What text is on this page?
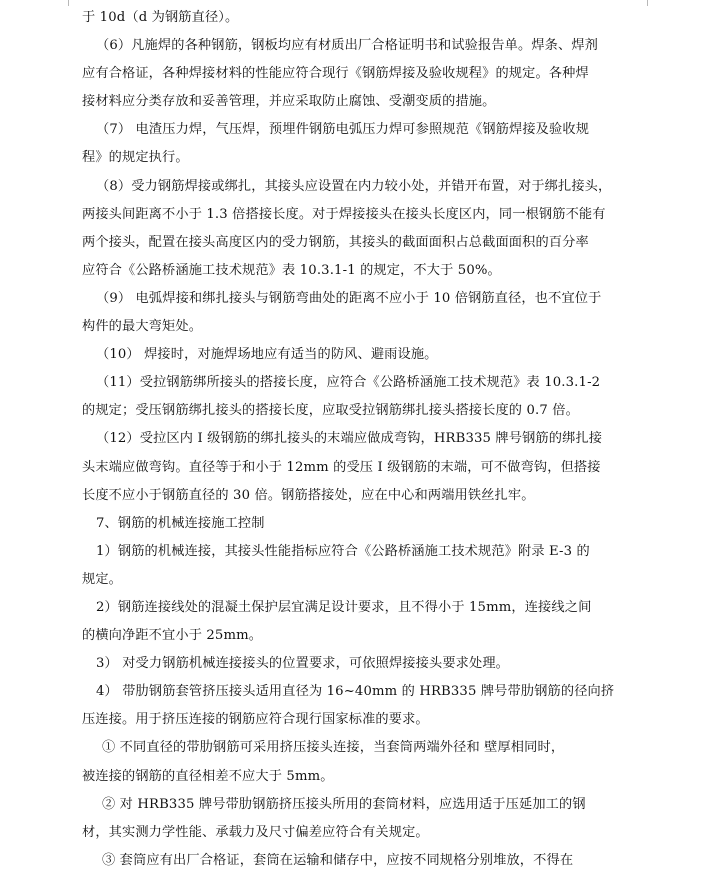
于 10d（d 为钢筋直径）。
（6）凡施焊的各种钢筋，钢板均应有材质出厂合格证明书和试验报告单。焊条、焊剂
应有合格证，各种焊接材料的性能应符合现行《钢筋焊接及验收规程》的规定。各种焊
接材料应分类存放和妥善管理，并应采取防止腐蚀、受潮变质的措施。
（7） 电渣压力焊，气压焊，预埋件钢筋电弧压力焊可参照规范《钢筋焊接及验收规
程》的规定执行。
（8）受力钢筋焊接或绑扎，其接头应设置在内力较小处，并错开布置，对于绑扎接头，
两接头间距离不小于 1.3 倍搭接长度。对于焊接接头在接头长度区内，同一根钢筋不能有
两个接头，配置在接头高度区内的受力钢筋，其接头的截面面积占总截面面积的百分率
应符合《公路桥涵施工技术规范》表 10.3.1-1 的规定，不大于 50%。
（9） 电弧焊接和绑扎接头与钢筋弯曲处的距离不应小于 10 倍钢筋直径，也不宜位于
构件的最大弯矩处。
（10） 焊接时，对施焊场地应有适当的防风、避雨设施。
（11）受拉钢筋绑所接头的搭接长度，应符合《公路桥涵施工技术规范》表 10.3.1-2
的规定；受压钢筋绑扎接头的搭接长度，应取受拉钢筋绑扎接头搭接长度的 0.7 倍。
（12）受拉区内 I 级钢筋的绑扎接头的末端应做成弯钩，HRB335 牌号钢筋的绑扎接
头末端应做弯钩。直径等于和小于 12mm 的受压 I 级钢筋的末端，可不做弯钩，但搭接
长度不应小于钢筋直径的 30 倍。钢筋搭接处，应在中心和两端用铁丝扎牢。
7、钢筋的机械连接施工控制
1）钢筋的机械连接，其接头性能指标应符合《公路桥涵施工技术规范》附录 E-3 的
规定。
2）钢筋连接线处的混凝土保护层宜满足设计要求，且不得小于 15mm，连接线之间
的横向净距不宜小于 25mm。
3） 对受力钢筋机械连接接头的位置要求，可依照焊接接头要求处理。
4） 带肋钢筋套管挤压接头适用直径为 16~40mm 的 HRB335 牌号带肋钢筋的径向挤
压连接。用于挤压连接的钢筋应符合现行国家标准的要求。
① 不同直径的带肋钢筋可采用挤压接头连接，当套筒两端外径和 壁厚相同时，
被连接的钢筋的直径相差不应大于 5mm。
② 对 HRB335 牌号带肋钢筋挤压接头所用的套筒材料，应选用适于压延加工的钢
材，其实测力学性能、承载力及尺寸偏差应符合有关规定。
③ 套筒应有出厂合格证，套筒在运输和储存中，应按不同规格分别堆放，不得在
